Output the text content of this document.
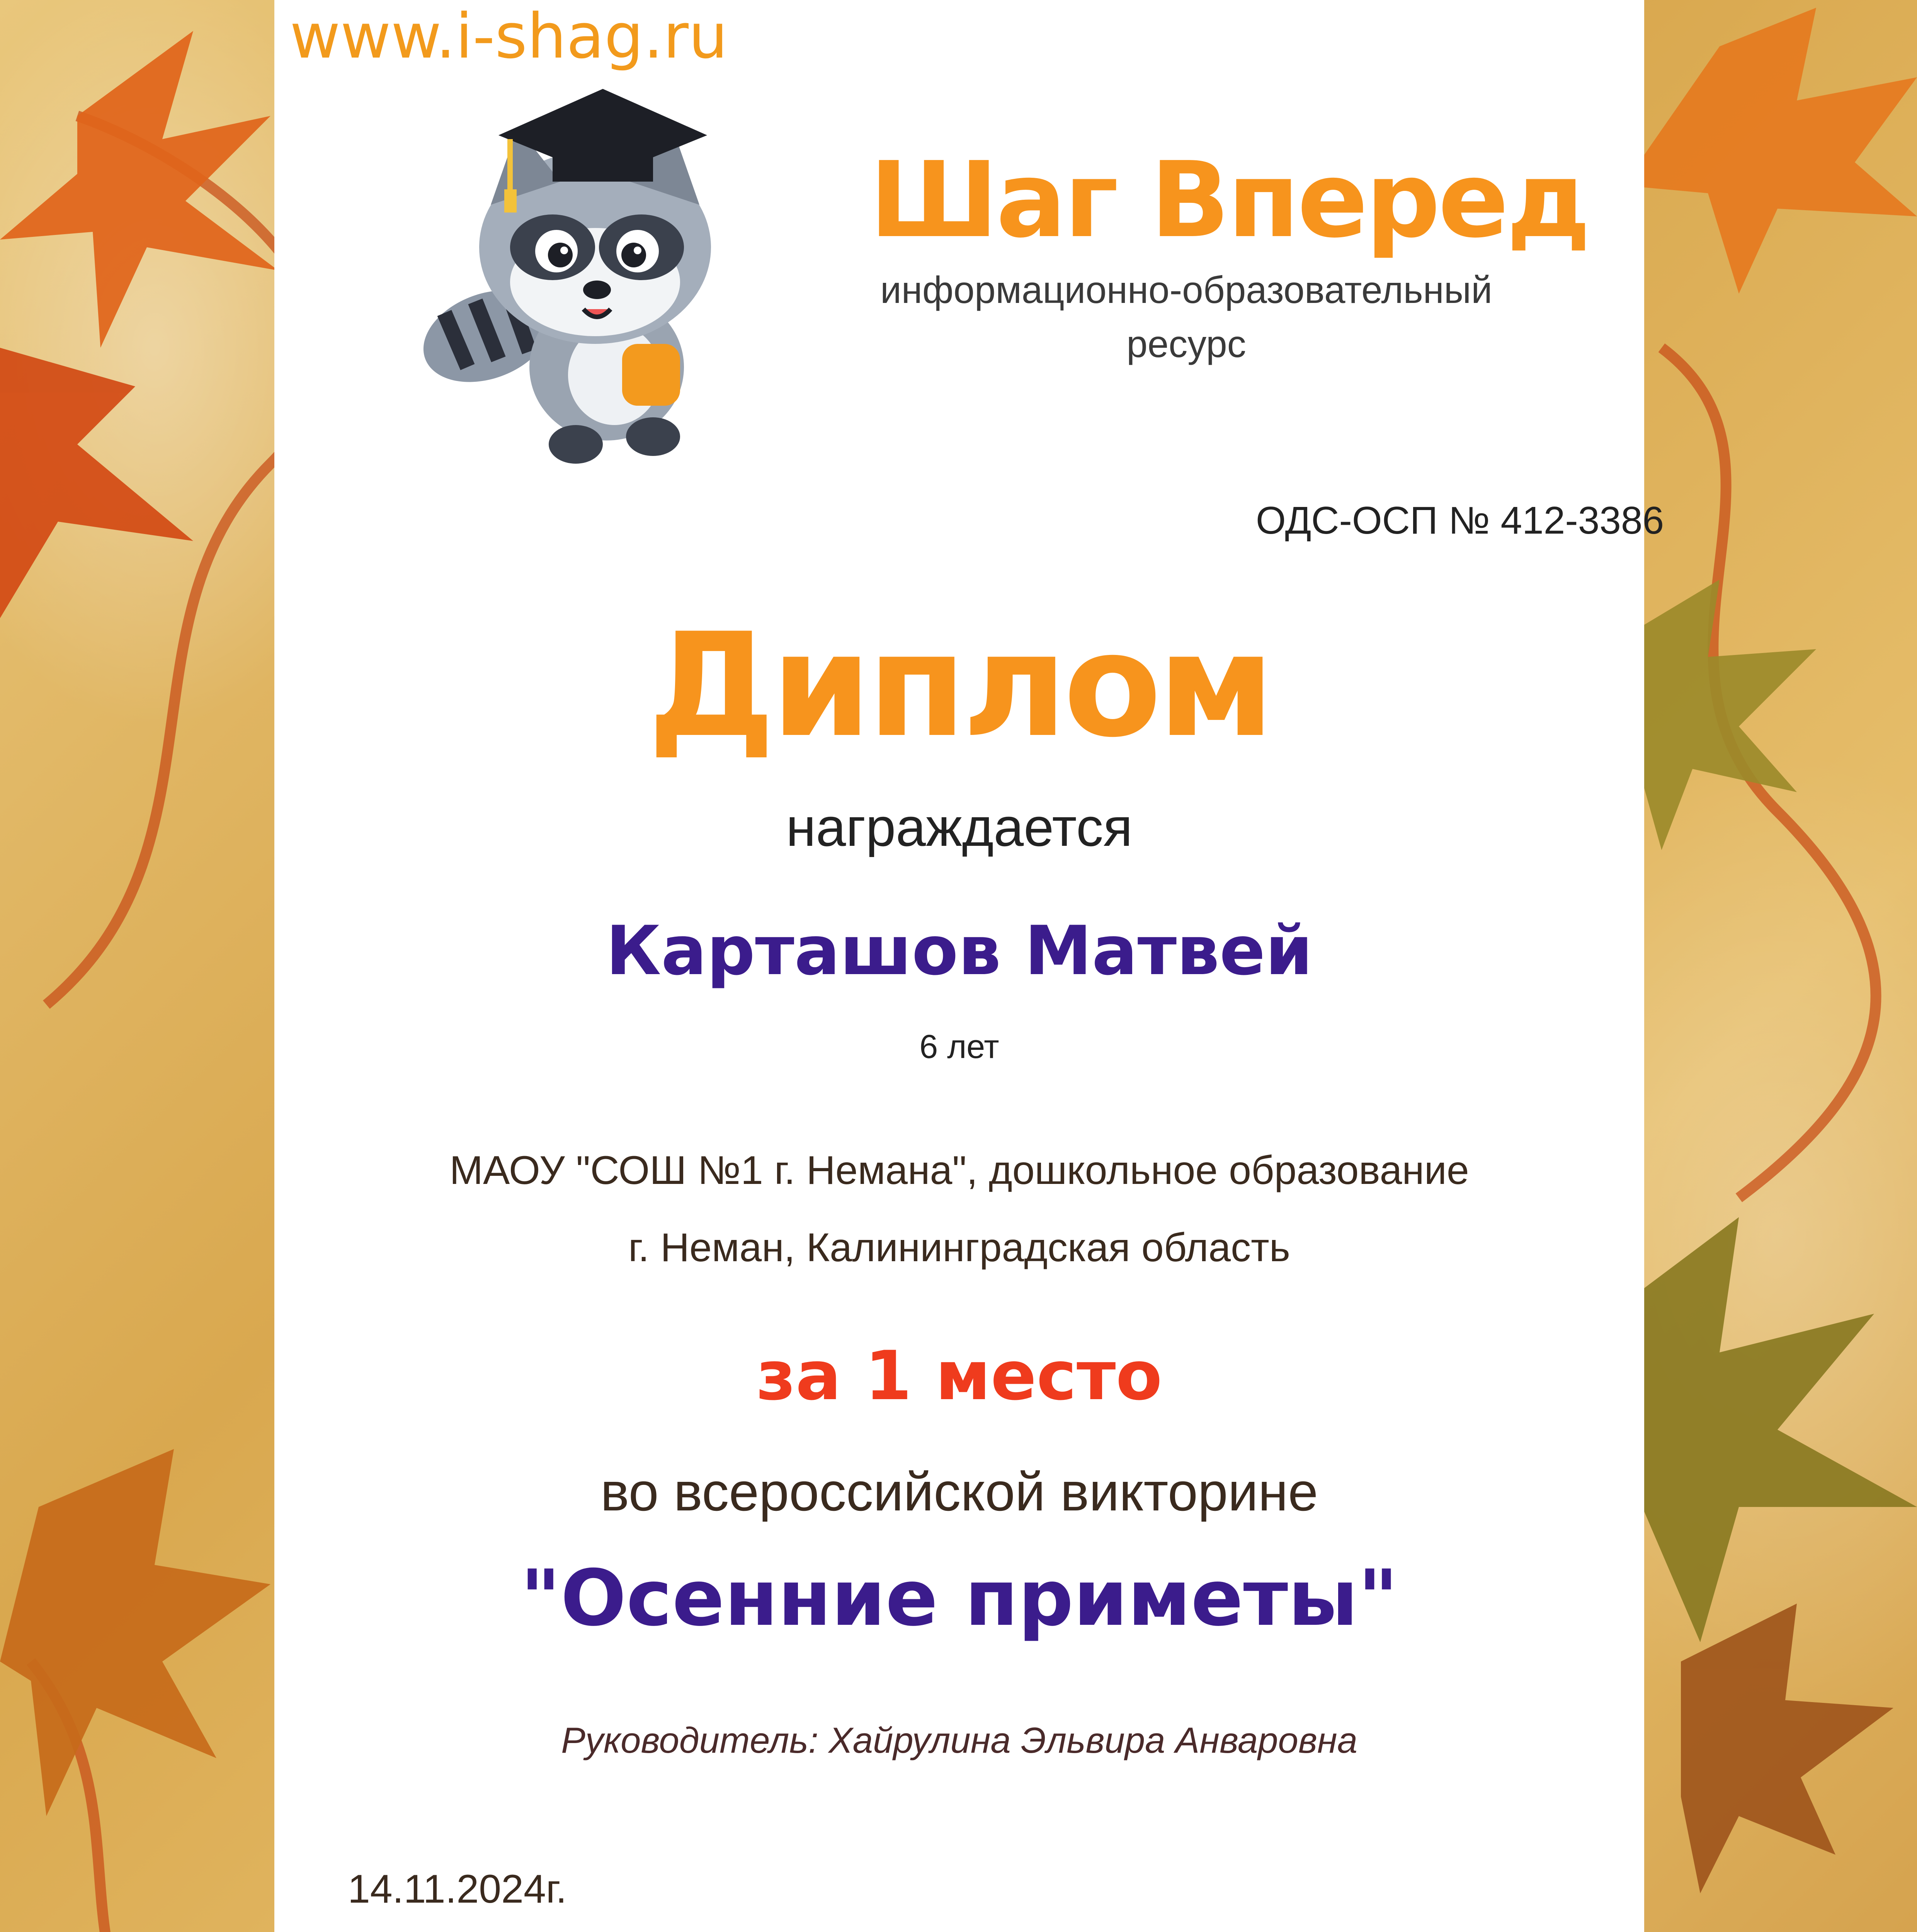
www.i-shag.ru
Шаг Вперед
информационно-образовательный ресурс
ОДС-ОСП № 412-3386
Диплом
награждается
Карташов Матвей
6 лет
МАОУ "СОШ №1 г. Немана", дошкольное образование
г. Неман, Калининградская область
за 1 место
во всероссийской викторине
"Осенние приметы"
Руководитель: Хайрулина Эльвира Анваровна
14.11.2024г.
